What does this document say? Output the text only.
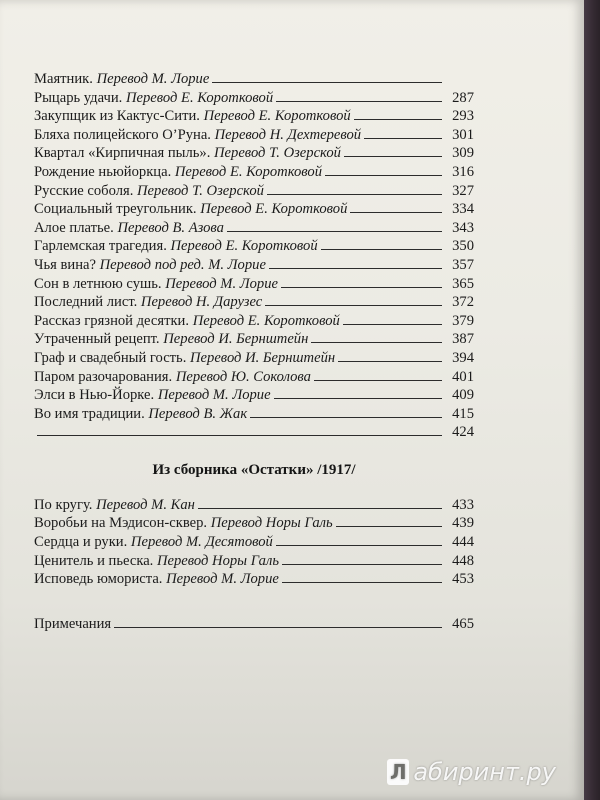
Маятник. Перевод М. Лорие
Рыцарь удачи. Перевод Е. Коротковой	287
Закупщик из Кактус-Сити. Перевод Е. Коротковой	293
Бляха полицейского О’Руна. Перевод Н. Дехтеревой	301
Квартал «Кирпичная пыль». Перевод Т. Озерской	309
Рождение ньюйоркца. Перевод Е. Коротковой	316
Русские соболя. Перевод Т. Озерской	327
Социальный треугольник. Перевод Е. Коротковой	334
Алое платье. Перевод В. Азова	343
Гарлемская трагедия. Перевод Е. Коротковой	350
Чья вина? Перевод под ред. М. Лорие	357
Сон в летнюю сушь. Перевод М. Лорие	365
Последний лист. Перевод Н. Дарузес	372
Рассказ грязной десятки. Перевод Е. Коротковой	379
Утраченный рецепт. Перевод И. Бернштейн	387
Граф и свадебный гость. Перевод И. Бернштейн	394
Паром разочарования. Перевод Ю. Соколова	401
Элси в Нью-Йорке. Перевод М. Лорие	409
Во имя традиции. Перевод В. Жак	415
424
Из сборника «Остатки» /1917/
По кругу. Перевод М. Кан	433
Воробьи на Мэдисон-сквер. Перевод Норы Галь	439
Сердца и руки. Перевод М. Десятовой	444
Ценитель и пьеска. Перевод Норы Галь	448
Исповедь юмориста. Перевод М. Лорие	453
Примечания	465
Л абиринт.ру
